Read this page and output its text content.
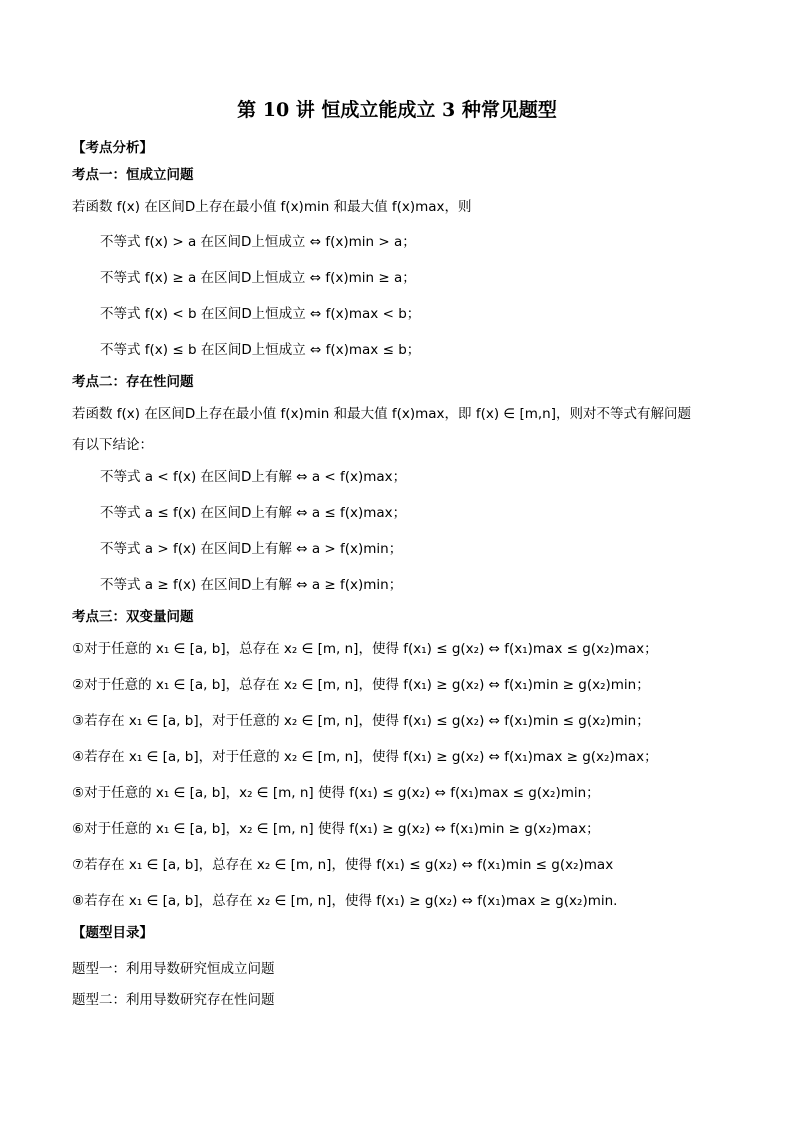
第 10 讲 恒成立能成立 3 种常见题型
【考点分析】
考点一：恒成立问题
若函数 f(x) 在区间D上存在最小值 f(x)min 和最大值 f(x)max，则
不等式 f(x) > a 在区间D上恒成立 ⇔ f(x)min > a；
不等式 f(x) ≥ a 在区间D上恒成立 ⇔ f(x)min ≥ a；
不等式 f(x) < b 在区间D上恒成立 ⇔ f(x)max < b；
不等式 f(x) ≤ b 在区间D上恒成立 ⇔ f(x)max ≤ b；
考点二：存在性问题
若函数 f(x) 在区间D上存在最小值 f(x)min 和最大值 f(x)max，即 f(x) ∈ [m,n]，则对不等式有解问题
有以下结论：
不等式 a < f(x) 在区间D上有解 ⇔ a < f(x)max；
不等式 a ≤ f(x) 在区间D上有解 ⇔ a ≤ f(x)max；
不等式 a > f(x) 在区间D上有解 ⇔ a > f(x)min；
不等式 a ≥ f(x) 在区间D上有解 ⇔ a ≥ f(x)min；
考点三：双变量问题
①对于任意的 x₁ ∈ [a, b]，总存在 x₂ ∈ [m, n]，使得 f(x₁) ≤ g(x₂) ⇔ f(x₁)max ≤ g(x₂)max；
②对于任意的 x₁ ∈ [a, b]，总存在 x₂ ∈ [m, n]，使得 f(x₁) ≥ g(x₂) ⇔ f(x₁)min ≥ g(x₂)min；
③若存在 x₁ ∈ [a, b]，对于任意的 x₂ ∈ [m, n]，使得 f(x₁) ≤ g(x₂) ⇔ f(x₁)min ≤ g(x₂)min；
④若存在 x₁ ∈ [a, b]，对于任意的 x₂ ∈ [m, n]，使得 f(x₁) ≥ g(x₂) ⇔ f(x₁)max ≥ g(x₂)max；
⑤对于任意的 x₁ ∈ [a, b]，x₂ ∈ [m, n] 使得 f(x₁) ≤ g(x₂) ⇔ f(x₁)max ≤ g(x₂)min；
⑥对于任意的 x₁ ∈ [a, b]，x₂ ∈ [m, n] 使得 f(x₁) ≥ g(x₂) ⇔ f(x₁)min ≥ g(x₂)max；
⑦若存在 x₁ ∈ [a, b]，总存在 x₂ ∈ [m, n]，使得 f(x₁) ≤ g(x₂) ⇔ f(x₁)min ≤ g(x₂)max
⑧若存在 x₁ ∈ [a, b]，总存在 x₂ ∈ [m, n]，使得 f(x₁) ≥ g(x₂) ⇔ f(x₁)max ≥ g(x₂)min.
【题型目录】
题型一：利用导数研究恒成立问题
题型二：利用导数研究存在性问题
